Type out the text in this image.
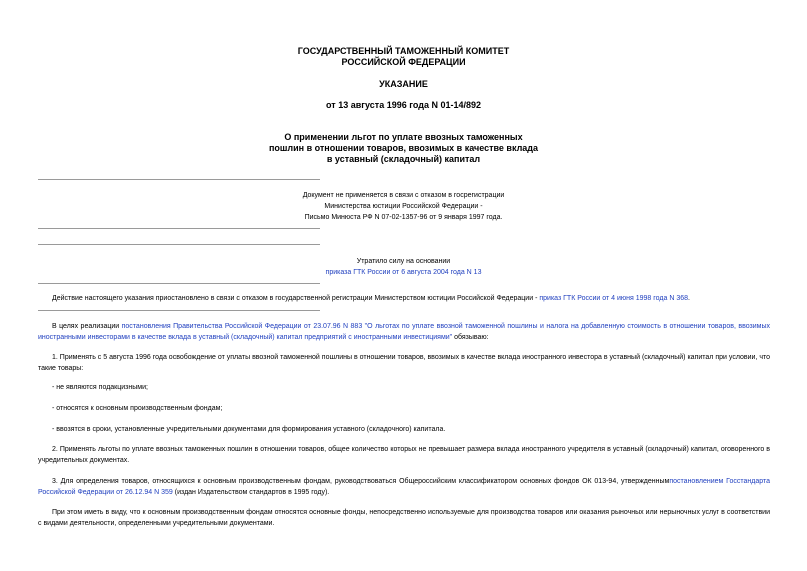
ГОСУДАРСТВЕННЫЙ ТАМОЖЕННЫЙ КОМИТЕТ
РОССИЙСКОЙ ФЕДЕРАЦИИ
УКАЗАНИЕ
от 13 августа 1996 года N 01-14/892
О применении льгот по уплате ввозных таможенных
пошлин в отношении товаров, ввозимых в качестве вклада
в уставный (складочный) капитал
Документ не применяется в связи с отказом в госрегистрации
Министерства юстиции Российской Федерации -
Письмо Минюста РФ N 07-02-1357-96 от 9 января 1997 года.
Утратило силу на основании
приказа ГТК России от 6 августа 2004 года N 13
Действие настоящего указания приостановлено в связи с отказом в государственной регистрации Министерством юстиции Российской Федерации - приказ ГТК России от 4 июня 1998 года N 368.
В целях реализации постановления Правительства Российской Федерации от 23.07.96 N 883 "О льготах по уплате ввозной таможенной пошлины и налога на добавленную стоимость в отношении товаров, ввозимых иностранными инвесторами в качестве вклада в уставный (складочный) капитал предприятий с иностранными инвестициями" обязываю:
1. Применять с 5 августа 1996 года освобождение от уплаты ввозной таможенной пошлины в отношении товаров, ввозимых в качестве вклада иностранного инвестора в уставный (складочный) капитал при условии, что такие товары:
- не являются подакцизными;
- относятся к основным производственным фондам;
- ввозятся в сроки, установленные учредительными документами для формирования уставного (складочного) капитала.
2. Применять льготы по уплате ввозных таможенных пошлин в отношении товаров, общее количество которых не превышает размера вклада иностранного учредителя в уставный (складочный) капитал, оговоренного в учредительных документах.
3. Для определения товаров, относящихся к основным производственным фондам, руководствоваться Общероссийским классификатором основных фондов ОК 013-94, утвержденнымпостановлением Госстандарта Российской Федерации от 26.12.94 N 359 (издан Издательством стандартов в 1995 году).
При этом иметь в виду, что к основным производственным фондам относятся основные фонды, непосредственно используемые для производства товаров или оказания рыночных или нерыночных услуг в соответствии с видами деятельности, определенными учредительными документами.
